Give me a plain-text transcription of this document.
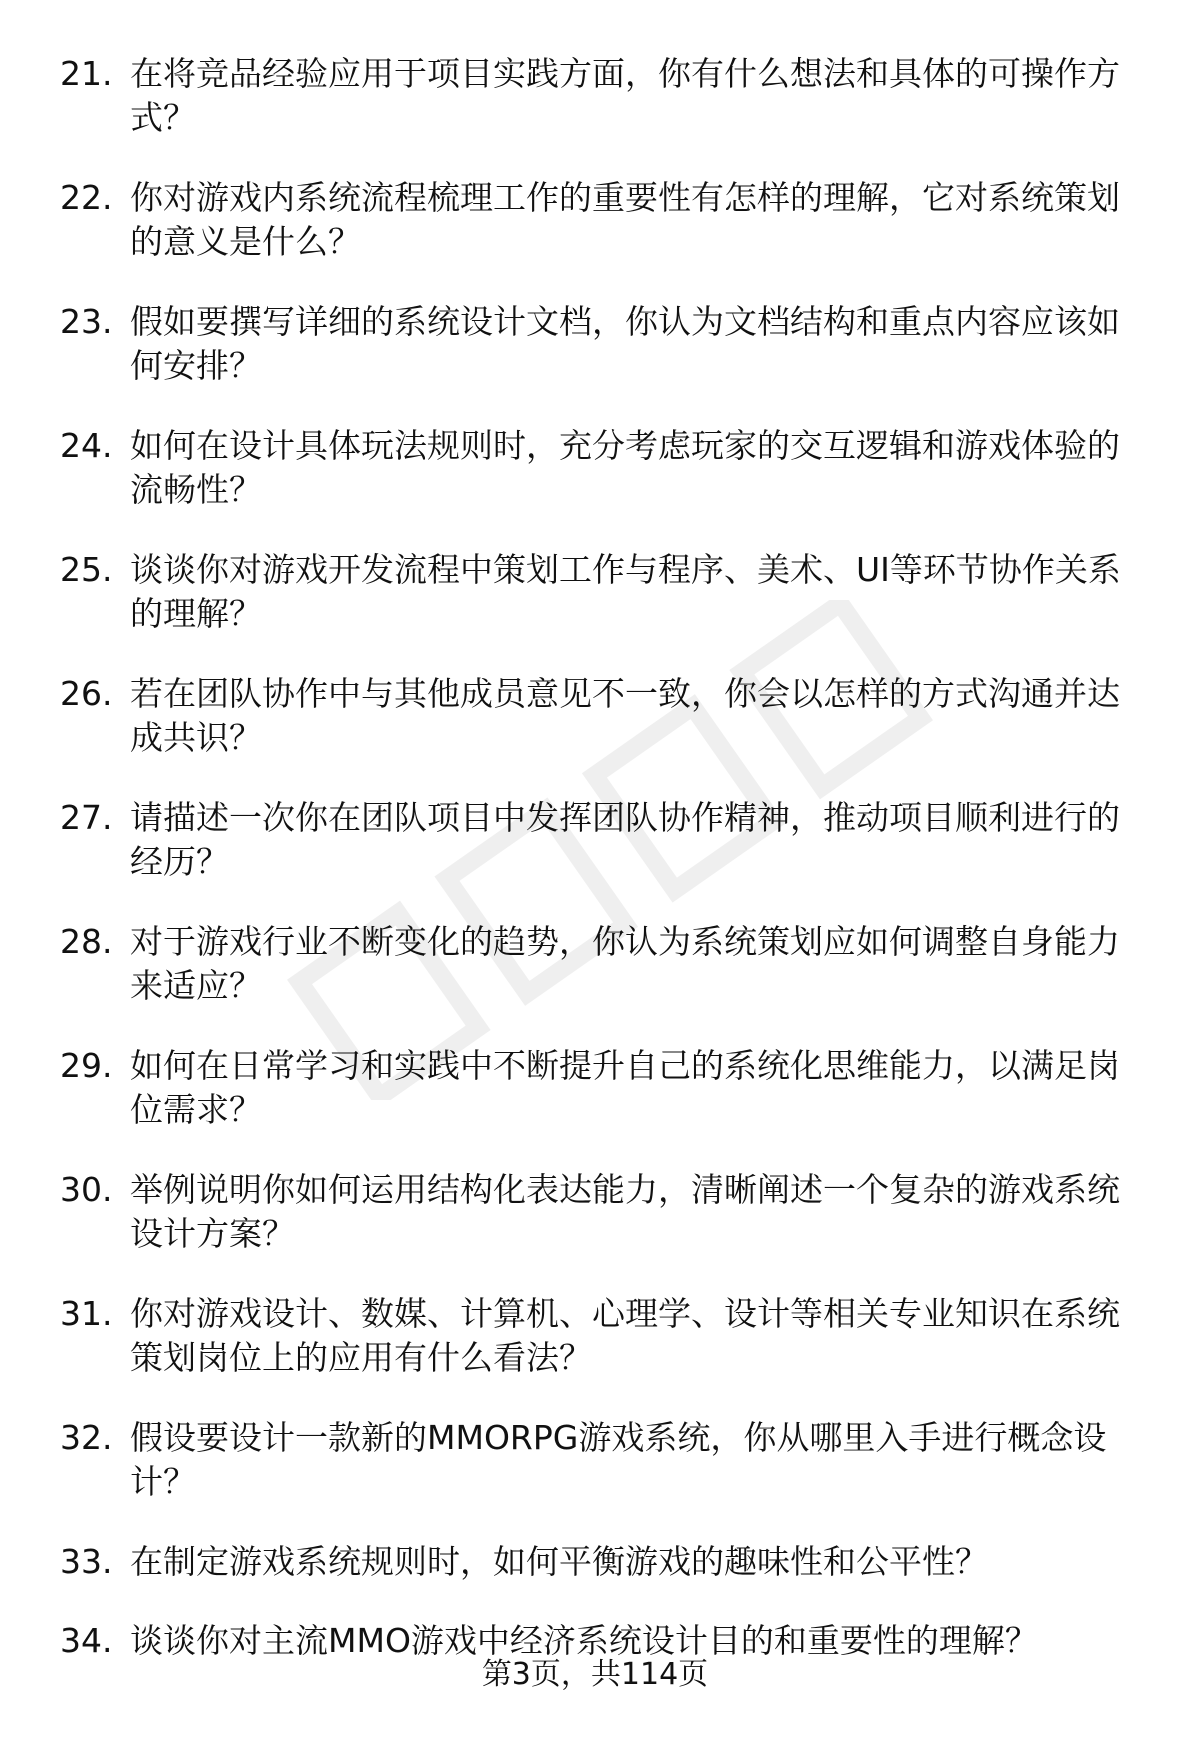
21. 在将竞品经验应用于项目实践方面，你有什么想法和具体的可操作方式？
22. 你对游戏内系统流程梳理工作的重要性有怎样的理解，它对系统策划的意义是什么？
23. 假如要撰写详细的系统设计文档，你认为文档结构和重点内容应该如何安排？
24. 如何在设计具体玩法规则时，充分考虑玩家的交互逻辑和游戏体验的流畅性？
25. 谈谈你对游戏开发流程中策划工作与程序、美术、UI等环节协作关系的理解？
26. 若在团队协作中与其他成员意见不一致，你会以怎样的方式沟通并达成共识？
27. 请描述一次你在团队项目中发挥团队协作精神，推动项目顺利进行的经历？
28. 对于游戏行业不断变化的趋势，你认为系统策划应如何调整自身能力来适应？
29. 如何在日常学习和实践中不断提升自己的系统化思维能力，以满足岗位需求？
30. 举例说明你如何运用结构化表达能力，清晰阐述一个复杂的游戏系统设计方案？
31. 你对游戏设计、数媒、计算机、心理学、设计等相关专业知识在系统策划岗位上的应用有什么看法？
32. 假设要设计一款新的MMORPG游戏系统，你从哪里入手进行概念设计？
33. 在制定游戏系统规则时，如何平衡游戏的趣味性和公平性？
34. 谈谈你对主流MMO游戏中经济系统设计目的和重要性的理解？
第3页，共114页
